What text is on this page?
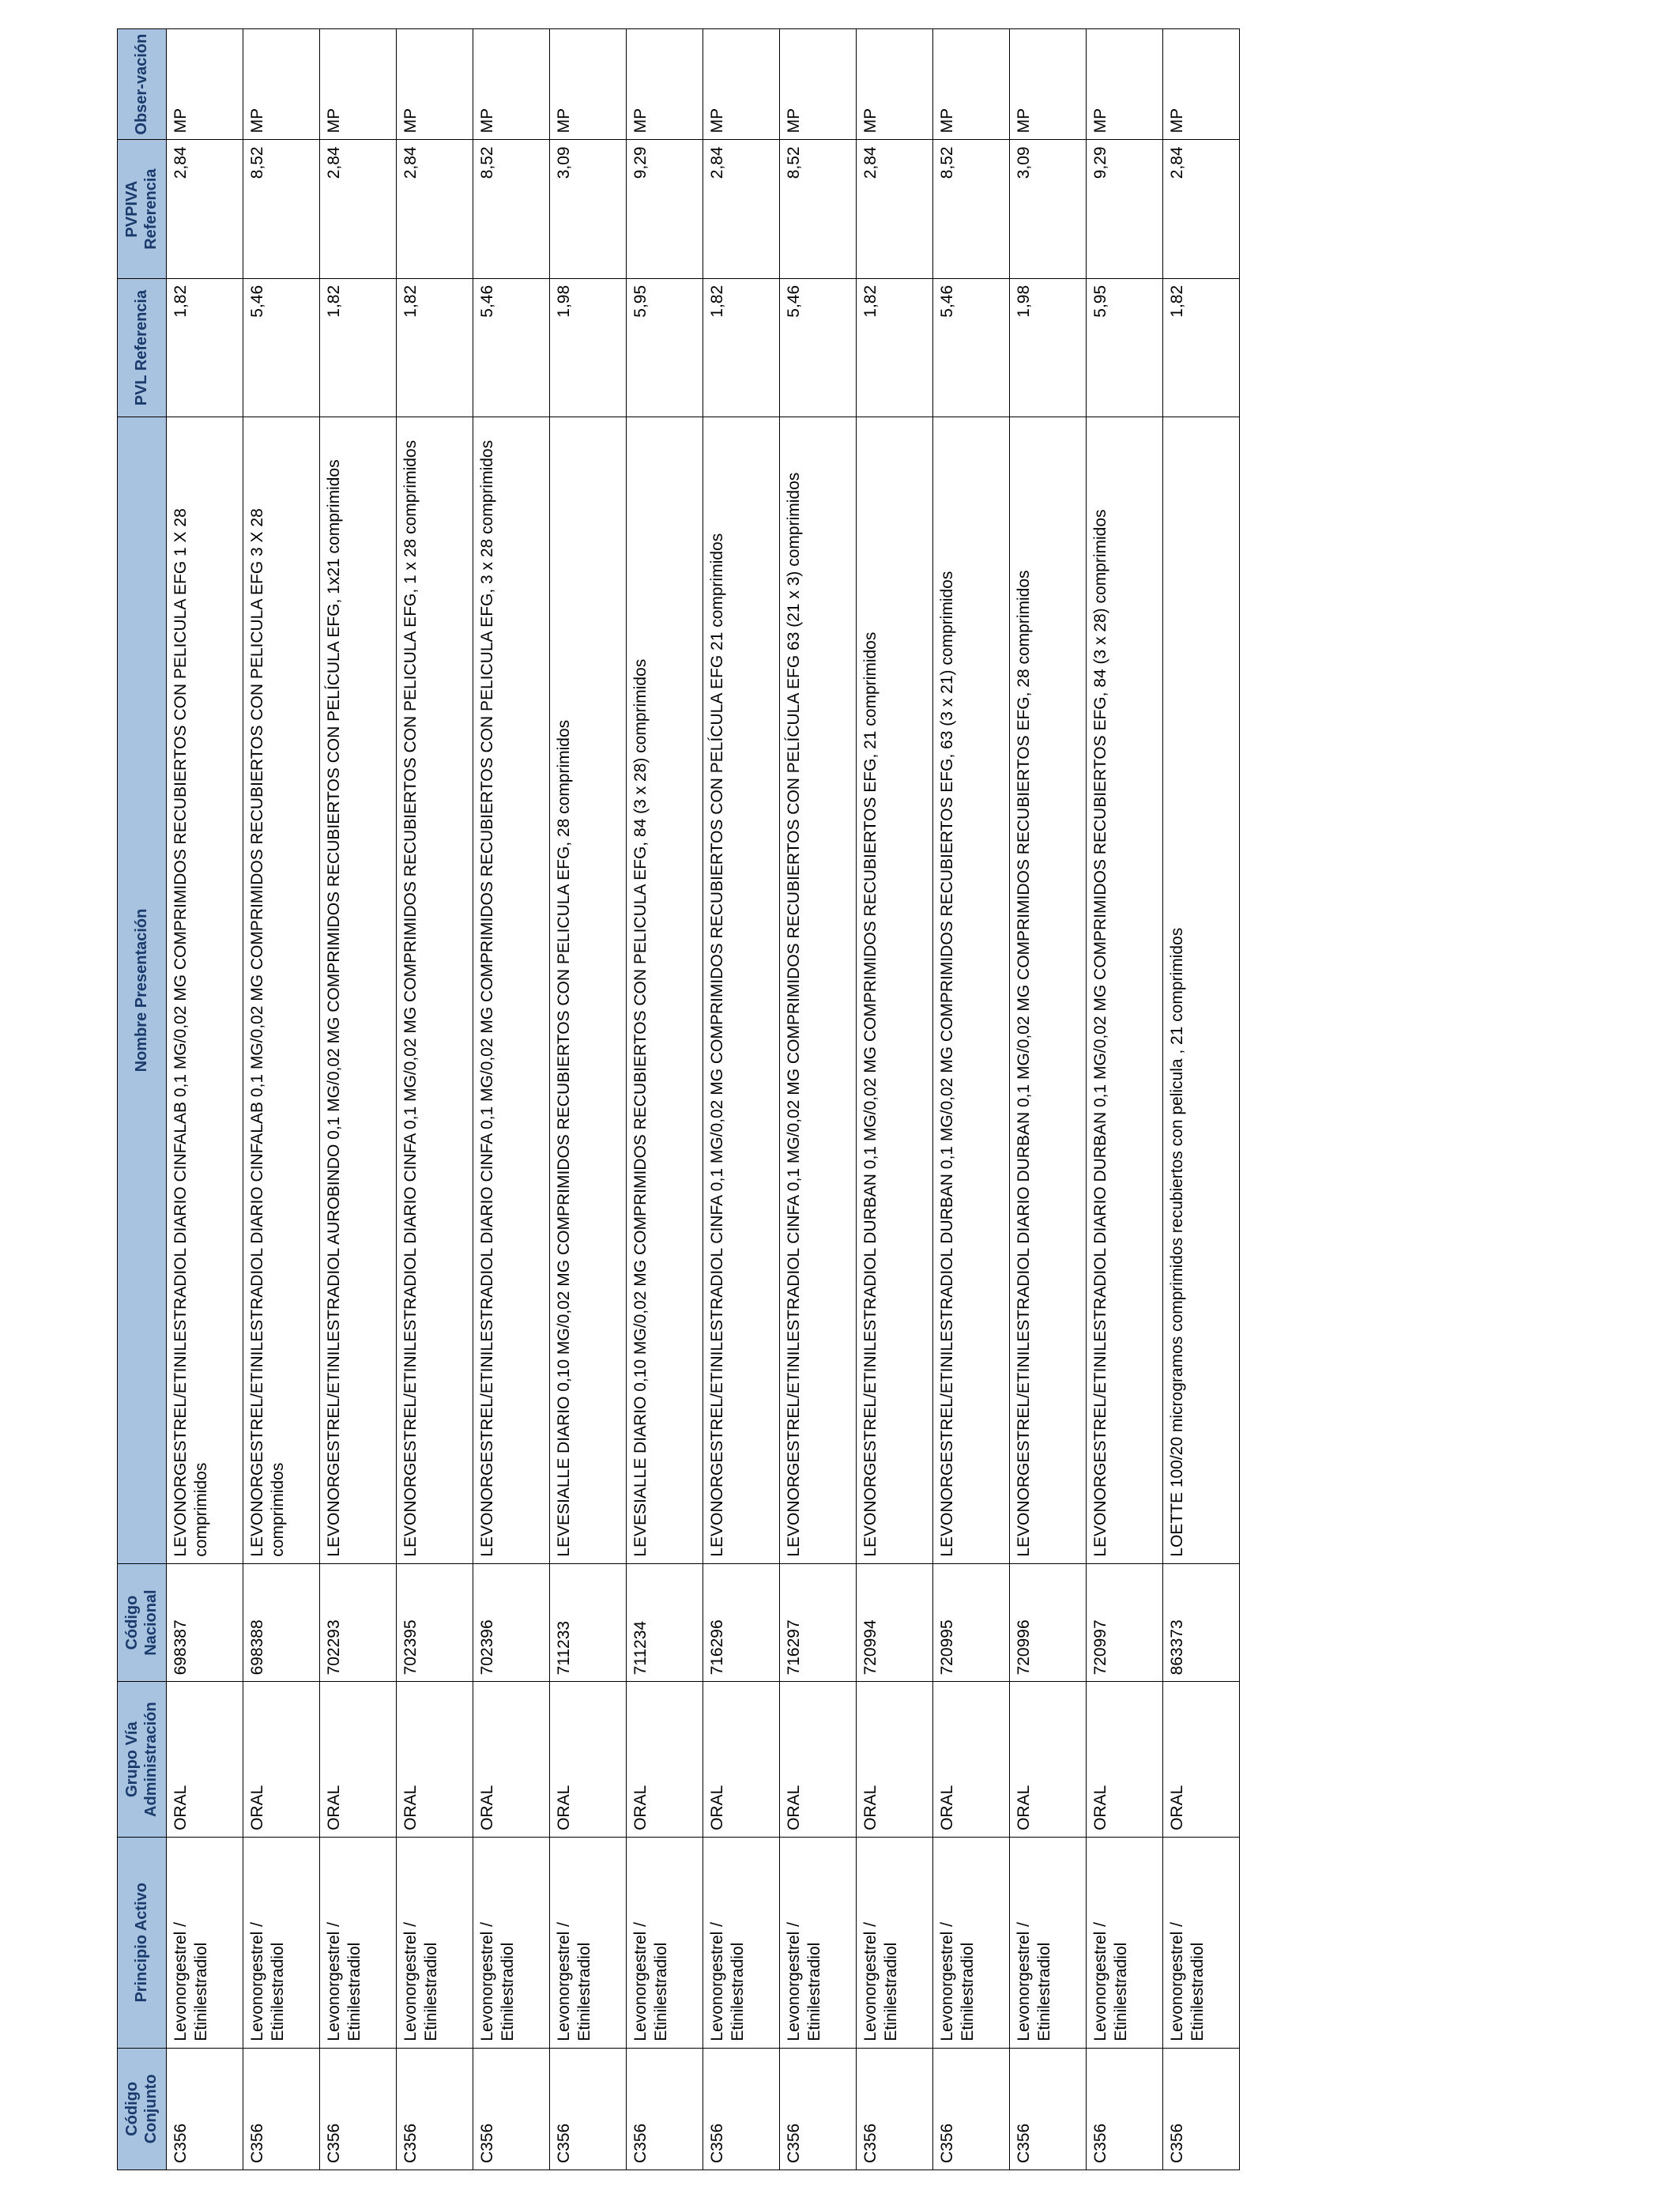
Código Conjunto	Principio Activo	Grupo Vía Administración	Código Nacional	Nombre Presentación	PVL Referencia	PVPIVA Referencia	Obser-vación
C356	Levonorgestrel / Etinilestradiol	ORAL	698387	LEVONORGESTREL/ETINILESTRADIOL DIARIO CINFALAB 0,1 MG/0,02 MG COMPRIMIDOS RECUBIERTOS CON PELICULA EFG 1 X 28 comprimidos	1,82	2,84	MP
C356	Levonorgestrel / Etinilestradiol	ORAL	698388	LEVONORGESTREL/ETINILESTRADIOL DIARIO CINFALAB 0,1 MG/0,02 MG COMPRIMIDOS RECUBIERTOS CON PELICULA EFG 3 X 28 comprimidos	5,46	8,52	MP
C356	Levonorgestrel / Etinilestradiol	ORAL	702293	LEVONORGESTREL/ETINILESTRADIOL AUROBINDO 0,1 MG/0,02 MG COMPRIMIDOS RECUBIERTOS CON PELÍCULA EFG, 1x21 comprimidos	1,82	2,84	MP
C356	Levonorgestrel / Etinilestradiol	ORAL	702395	LEVONORGESTREL/ETINILESTRADIOL DIARIO CINFA 0,1 MG/0,02 MG COMPRIMIDOS RECUBIERTOS CON PELICULA EFG, 1 x 28 comprimidos	1,82	2,84	MP
C356	Levonorgestrel / Etinilestradiol	ORAL	702396	LEVONORGESTREL/ETINILESTRADIOL DIARIO CINFA 0,1 MG/0,02 MG COMPRIMIDOS RECUBIERTOS CON PELICULA EFG, 3 x 28 comprimidos	5,46	8,52	MP
C356	Levonorgestrel / Etinilestradiol	ORAL	711233	LEVESIALLE DIARIO 0,10 MG/0,02 MG COMPRIMIDOS RECUBIERTOS CON PELICULA EFG, 28 comprimidos	1,98	3,09	MP
C356	Levonorgestrel / Etinilestradiol	ORAL	711234	LEVESIALLE DIARIO 0,10 MG/0,02 MG COMPRIMIDOS RECUBIERTOS CON PELICULA EFG, 84 (3 x 28) comprimidos	5,95	9,29	MP
C356	Levonorgestrel / Etinilestradiol	ORAL	716296	LEVONORGESTREL/ETINILESTRADIOL CINFA 0,1 MG/0,02 MG COMPRIMIDOS RECUBIERTOS CON PELÍCULA EFG 21 comprimidos	1,82	2,84	MP
C356	Levonorgestrel / Etinilestradiol	ORAL	716297	LEVONORGESTREL/ETINILESTRADIOL CINFA 0,1 MG/0,02 MG COMPRIMIDOS RECUBIERTOS CON PELÍCULA EFG 63 (21 x 3) comprimidos	5,46	8,52	MP
C356	Levonorgestrel / Etinilestradiol	ORAL	720994	LEVONORGESTREL/ETINILESTRADIOL DURBAN 0,1 MG/0,02 MG COMPRIMIDOS RECUBIERTOS EFG, 21 comprimidos	1,82	2,84	MP
C356	Levonorgestrel / Etinilestradiol	ORAL	720995	LEVONORGESTREL/ETINILESTRADIOL DURBAN 0,1 MG/0,02 MG COMPRIMIDOS RECUBIERTOS EFG, 63 (3 x 21) comprimidos	5,46	8,52	MP
C356	Levonorgestrel / Etinilestradiol	ORAL	720996	LEVONORGESTREL/ETINILESTRADIOL DIARIO DURBAN 0,1 MG/0,02 MG COMPRIMIDOS RECUBIERTOS EFG, 28 comprimidos	1,98	3,09	MP
C356	Levonorgestrel / Etinilestradiol	ORAL	720997	LEVONORGESTREL/ETINILESTRADIOL DIARIO DURBAN 0,1 MG/0,02 MG COMPRIMIDOS RECUBIERTOS EFG, 84 (3 x 28) comprimidos	5,95	9,29	MP
C356	Levonorgestrel / Etinilestradiol	ORAL	863373	LOETTE 100/20 microgramos comprimidos recubiertos con pelicula , 21 comprimidos	1,82	2,84	MP
